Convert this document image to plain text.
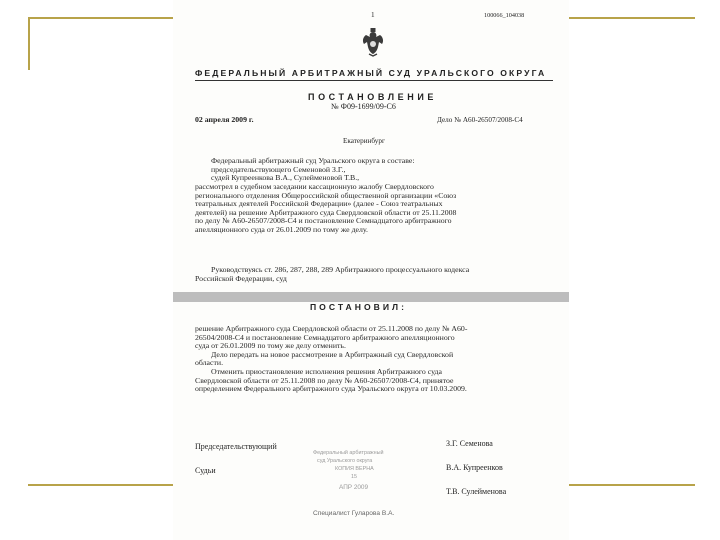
1	100066_104038
ФЕДЕРАЛЬНЫЙ АРБИТРАЖНЫЙ СУД УРАЛЬСКОГО ОКРУГА
ПОСТАНОВЛЕНИЕ
№ Ф09-1699/09-С6
02 апреля 2009 г.	Дело № А60-26507/2008-С4
Екатеринбург

Федеральный арбитражный суд Уральского округа в составе:

председательствующего Семеновой З.Г.,

судей Купреенкова В.А., Сулейменовой Т.В.,

рассмотрел в судебном заседании кассационную жалобу Свердловского

регионального отделения Общероссийской общественной организации «Союз

театральных деятелей Российской Федерации» (далее - Союз театральных

деятелей) на решение Арбитражного суда Свердловской области от 25.11.2008

по делу № А60-26507/2008-С4 и постановление Семнадцатого арбитражного

апелляционного суда от 26.01.2009 по тому же делу.

Руководствуясь ст. 286, 287, 288, 289 Арбитражного процессуального кодекса

Российской Федерации, суд

ПОСТАНОВИЛ:

решение Арбитражного суда Свердловской области от 25.11.2008 по делу № А60-

26504/2008-С4 и постановление Семнадцатого арбитражного апелляционного

суда от 26.01.2009 по тому же делу отменить.

Дело передать на новое рассмотрение в Арбитражный суд Свердловской

области.

Отменить приостановление исполнения решения Арбитражного суда

Свердловской области от 25.11.2008 по делу № А60-26507/2008-С4, принятое

определением Федерального арбитражного суда Уральского округа от 10.03.2009.

Председательствующий	З.Г. Семенова
Судьи	В.А. Купреенков
Т.В. Сулейменова
Федеральный арбитражный
суд Уральского округа
КОПИЯ ВЕРНА
15
АПР 2009
Специалист Гуларова В.А.
